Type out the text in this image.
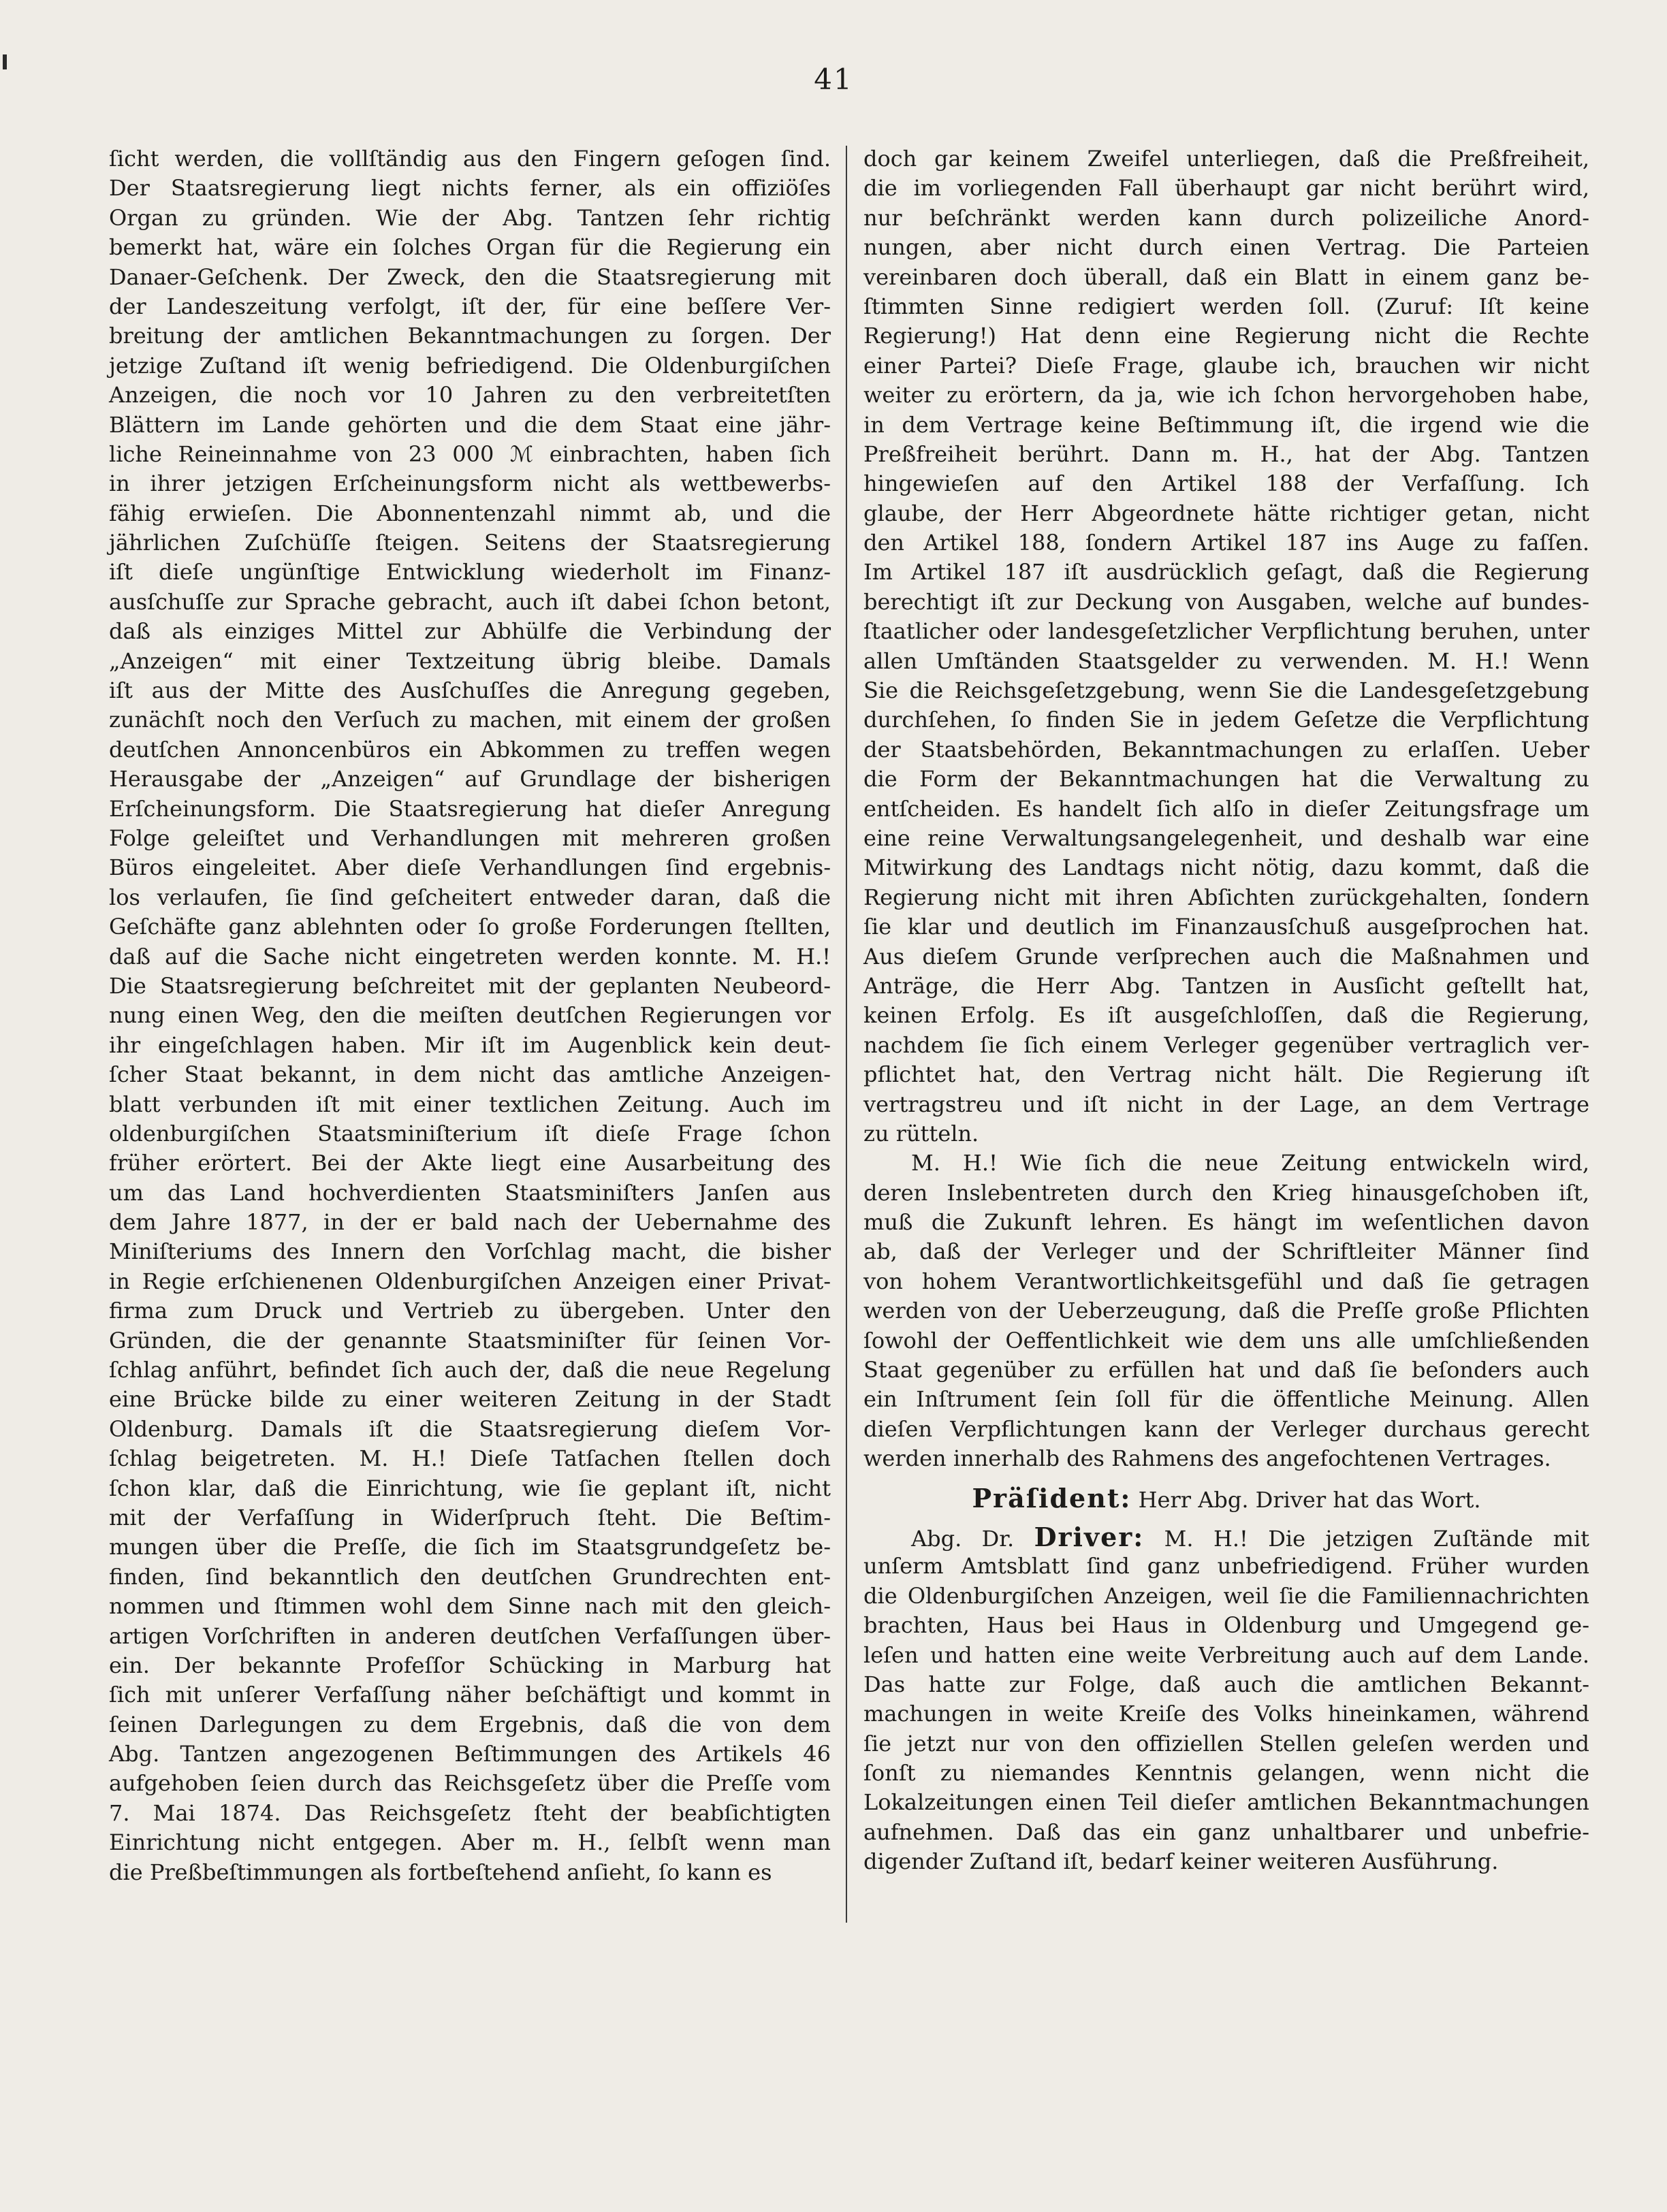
41
ſicht werden, die vollſtändig aus den Fingern geſogen ſind.
Der Staatsregierung liegt nichts ferner, als ein offiziöſes
Organ zu gründen. Wie der Abg. Tantzen ſehr richtig
bemerkt hat, wäre ein ſolches Organ für die Regierung ein
Danaer-Geſchenk. Der Zweck, den die Staatsregierung mit
der Landeszeitung verfolgt, iſt der, für eine beſſere Ver-
breitung der amtlichen Bekanntmachungen zu ſorgen. Der
jetzige Zuſtand iſt wenig befriedigend. Die Oldenburgiſchen
Anzeigen, die noch vor 10 Jahren zu den verbreitetſten
Blättern im Lande gehörten und die dem Staat eine jähr-
liche Reineinnahme von 23 000 ℳ einbrachten, haben ſich
in ihrer jetzigen Erſcheinungsform nicht als wettbewerbs-
fähig erwieſen. Die Abonnentenzahl nimmt ab, und die
jährlichen Zuſchüſſe ſteigen. Seitens der Staatsregierung
iſt dieſe ungünſtige Entwicklung wiederholt im Finanz-
ausſchuſſe zur Sprache gebracht, auch iſt dabei ſchon betont,
daß als einziges Mittel zur Abhülfe die Verbindung der
„Anzeigen“ mit einer Textzeitung übrig bleibe. Damals
iſt aus der Mitte des Ausſchuſſes die Anregung gegeben,
zunächſt noch den Verſuch zu machen, mit einem der großen
deutſchen Annoncenbüros ein Abkommen zu treffen wegen
Herausgabe der „Anzeigen“ auf Grundlage der bisherigen
Erſcheinungsform. Die Staatsregierung hat dieſer Anregung
Folge geleiſtet und Verhandlungen mit mehreren großen
Büros eingeleitet. Aber dieſe Verhandlungen ſind ergebnis-
los verlaufen, ſie ſind geſcheitert entweder daran, daß die
Geſchäfte ganz ablehnten oder ſo große Forderungen ſtellten,
daß auf die Sache nicht eingetreten werden konnte. M. H.!
Die Staatsregierung beſchreitet mit der geplanten Neubeord-
nung einen Weg, den die meiſten deutſchen Regierungen vor
ihr eingeſchlagen haben. Mir iſt im Augenblick kein deut-
ſcher Staat bekannt, in dem nicht das amtliche Anzeigen-
blatt verbunden iſt mit einer textlichen Zeitung. Auch im
oldenburgiſchen Staatsminiſterium iſt dieſe Frage ſchon
früher erörtert. Bei der Akte liegt eine Ausarbeitung des
um das Land hochverdienten Staatsminiſters Janſen aus
dem Jahre 1877, in der er bald nach der Uebernahme des
Miniſteriums des Innern den Vorſchlag macht, die bisher
in Regie erſchienenen Oldenburgiſchen Anzeigen einer Privat-
firma zum Druck und Vertrieb zu übergeben. Unter den
Gründen, die der genannte Staatsminiſter für ſeinen Vor-
ſchlag anführt, befindet ſich auch der, daß die neue Regelung
eine Brücke bilde zu einer weiteren Zeitung in der Stadt
Oldenburg. Damals iſt die Staatsregierung dieſem Vor-
ſchlag beigetreten. M. H.! Dieſe Tatſachen ſtellen doch
ſchon klar, daß die Einrichtung, wie ſie geplant iſt, nicht
mit der Verfaſſung in Widerſpruch ſteht. Die Beſtim-
mungen über die Preſſe, die ſich im Staatsgrundgeſetz be-
finden, ſind bekanntlich den deutſchen Grundrechten ent-
nommen und ſtimmen wohl dem Sinne nach mit den gleich-
artigen Vorſchriften in anderen deutſchen Verfaſſungen über-
ein. Der bekannte Profeſſor Schücking in Marburg hat
ſich mit unſerer Verfaſſung näher beſchäftigt und kommt in
ſeinen Darlegungen zu dem Ergebnis, daß die von dem
Abg. Tantzen angezogenen Beſtimmungen des Artikels 46
aufgehoben ſeien durch das Reichsgeſetz über die Preſſe vom
7. Mai 1874. Das Reichsgeſetz ſteht der beabſichtigten
Einrichtung nicht entgegen. Aber m. H., ſelbſt wenn man
die Preßbeſtimmungen als fortbeſtehend anſieht, ſo kann es
doch gar keinem Zweifel unterliegen, daß die Preßfreiheit,
die im vorliegenden Fall überhaupt gar nicht berührt wird,
nur beſchränkt werden kann durch polizeiliche Anord-
nungen, aber nicht durch einen Vertrag. Die Parteien
vereinbaren doch überall, daß ein Blatt in einem ganz be-
ſtimmten Sinne redigiert werden ſoll. (Zuruf: Iſt keine
Regierung!) Hat denn eine Regierung nicht die Rechte
einer Partei? Dieſe Frage, glaube ich, brauchen wir nicht
weiter zu erörtern, da ja, wie ich ſchon hervorgehoben habe,
in dem Vertrage keine Beſtimmung iſt, die irgend wie die
Preßfreiheit berührt. Dann m. H., hat der Abg. Tantzen
hingewieſen auf den Artikel 188 der Verfaſſung. Ich
glaube, der Herr Abgeordnete hätte richtiger getan, nicht
den Artikel 188, ſondern Artikel 187 ins Auge zu faſſen.
Im Artikel 187 iſt ausdrücklich geſagt, daß die Regierung
berechtigt iſt zur Deckung von Ausgaben, welche auf bundes-
ſtaatlicher oder landesgeſetzlicher Verpflichtung beruhen, unter
allen Umſtänden Staatsgelder zu verwenden. M. H.! Wenn
Sie die Reichsgeſetzgebung, wenn Sie die Landesgeſetzgebung
durchſehen, ſo finden Sie in jedem Geſetze die Verpflichtung
der Staatsbehörden, Bekanntmachungen zu erlaſſen. Ueber
die Form der Bekanntmachungen hat die Verwaltung zu
entſcheiden. Es handelt ſich alſo in dieſer Zeitungsfrage um
eine reine Verwaltungsangelegenheit, und deshalb war eine
Mitwirkung des Landtags nicht nötig, dazu kommt, daß die
Regierung nicht mit ihren Abſichten zurückgehalten, ſondern
ſie klar und deutlich im Finanzausſchuß ausgeſprochen hat.
Aus dieſem Grunde verſprechen auch die Maßnahmen und
Anträge, die Herr Abg. Tantzen in Ausſicht geſtellt hat,
keinen Erfolg. Es iſt ausgeſchloſſen, daß die Regierung,
nachdem ſie ſich einem Verleger gegenüber vertraglich ver-
pflichtet hat, den Vertrag nicht hält. Die Regierung iſt
vertragstreu und iſt nicht in der Lage, an dem Vertrage
zu rütteln.
M. H.! Wie ſich die neue Zeitung entwickeln wird,
deren Inslebentreten durch den Krieg hinausgeſchoben iſt,
muß die Zukunft lehren. Es hängt im weſentlichen davon
ab, daß der Verleger und der Schriftleiter Männer ſind
von hohem Verantwortlichkeitsgefühl und daß ſie getragen
werden von der Ueberzeugung, daß die Preſſe große Pflichten
ſowohl der Oeffentlichkeit wie dem uns alle umſchließenden
Staat gegenüber zu erfüllen hat und daß ſie beſonders auch
ein Inſtrument ſein ſoll für die öffentliche Meinung. Allen
dieſen Verpflichtungen kann der Verleger durchaus gerecht
werden innerhalb des Rahmens des angefochtenen Vertrages.
Präſident: Herr Abg. Driver hat das Wort.
Abg. Dr. Driver: M. H.! Die jetzigen Zuſtände mit
unſerm Amtsblatt ſind ganz unbefriedigend. Früher wurden
die Oldenburgiſchen Anzeigen, weil ſie die Familiennachrichten
brachten, Haus bei Haus in Oldenburg und Umgegend ge-
leſen und hatten eine weite Verbreitung auch auf dem Lande.
Das hatte zur Folge, daß auch die amtlichen Bekannt-
machungen in weite Kreiſe des Volks hineinkamen, während
ſie jetzt nur von den offiziellen Stellen geleſen werden und
ſonſt zu niemandes Kenntnis gelangen, wenn nicht die
Lokalzeitungen einen Teil dieſer amtlichen Bekanntmachungen
aufnehmen. Daß das ein ganz unhaltbarer und unbefrie-
digender Zuſtand iſt, bedarf keiner weiteren Ausführung.
